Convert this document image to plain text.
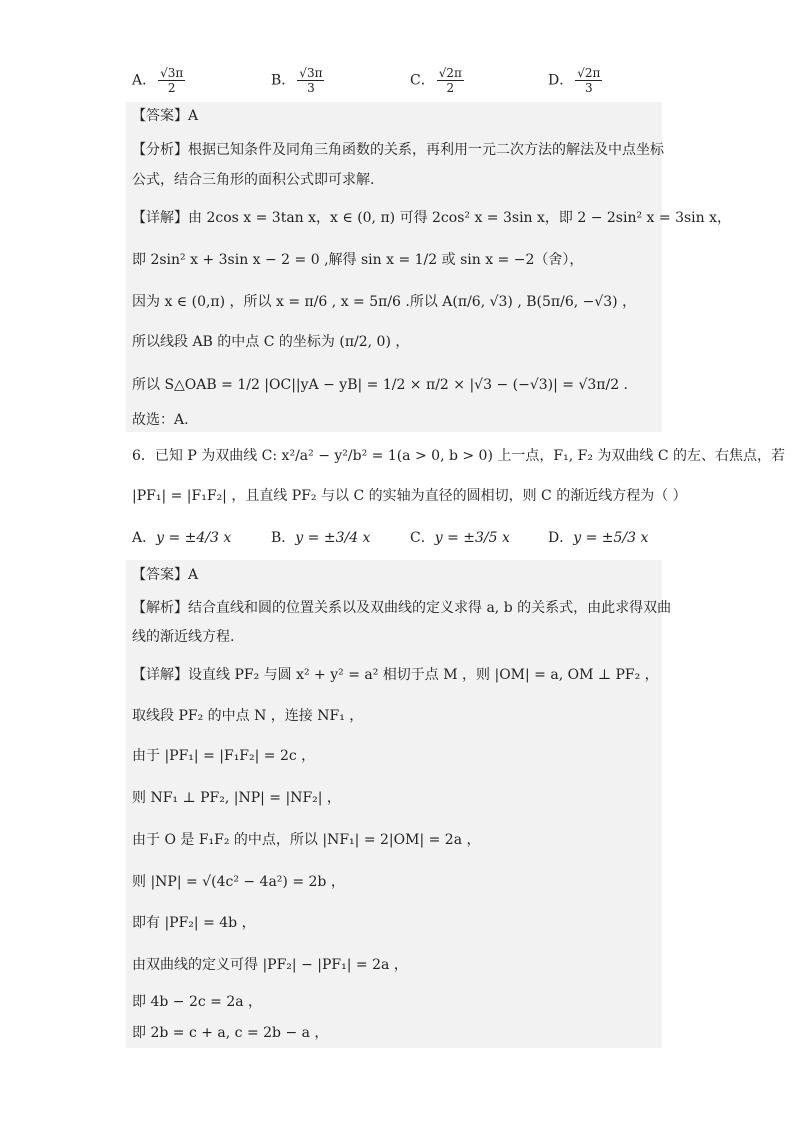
A． $\frac{√3\pi}{2}$	B． $\frac{√3\pi}{3}$	C． $\frac{√2\pi}{2}$	D． $\frac{√2\pi}{3}$
【答案】A
【分析】根据已知条件及同角三角函数的关系，再利用一元二次方法的解法及中点坐标
公式，结合三角形的面积公式即可求解.
【详解】由 2cos x = 3tan x，x ∈ (0, π) 可得 2cos² x = 3sin x，即 2 − 2sin² x = 3sin x，
即 2sin² x + 3sin x − 2 = 0 ,解得 sin x = 1/2 或 sin x = −2（舍），
因为 x ∈ (0,π) ，所以 x = π/6 , x = 5π/6 .所以 A(π/6, √3) , B(5π/6, −√3) ，
所以线段 AB 的中点 C 的坐标为 (π/2, 0) ，
所以 S△OAB = 1/2 |OC||yA − yB| = 1/2 × π/2 × |√3 − (−√3)| = √3π/2 .
故选：A.
6．已知 P 为双曲线 C: x²/a² − y²/b² = 1(a > 0, b > 0) 上一点，F₁, F₂ 为双曲线 C 的左、右焦点，若
|PF₁| = |F₁F₂| ，且直线 PF₂ 与以 C 的实轴为直径的圆相切，则 C 的渐近线方程为（ ）
A．y = ±4/3 x	B．y = ±3/4 x	C．y = ±3/5 x	D．y = ±5/3 x
【答案】A
【解析】结合直线和圆的位置关系以及双曲线的定义求得 a, b 的关系式，由此求得双曲
线的渐近线方程.
【详解】设直线 PF₂ 与圆 x² + y² = a² 相切于点 M ，则 |OM| = a, OM ⊥ PF₂ ，
取线段 PF₂ 的中点 N ，连接 NF₁ ，
由于 |PF₁| = |F₁F₂| = 2c ，
则 NF₁ ⊥ PF₂, |NP| = |NF₂| ，
由于 O 是 F₁F₂ 的中点，所以 |NF₁| = 2|OM| = 2a ，
则 |NP| = √(4c² − 4a²) = 2b ，
即有 |PF₂| = 4b ，
由双曲线的定义可得 |PF₂| − |PF₁| = 2a ，
即 4b − 2c = 2a ，
即 2b = c + a, c = 2b − a ，
